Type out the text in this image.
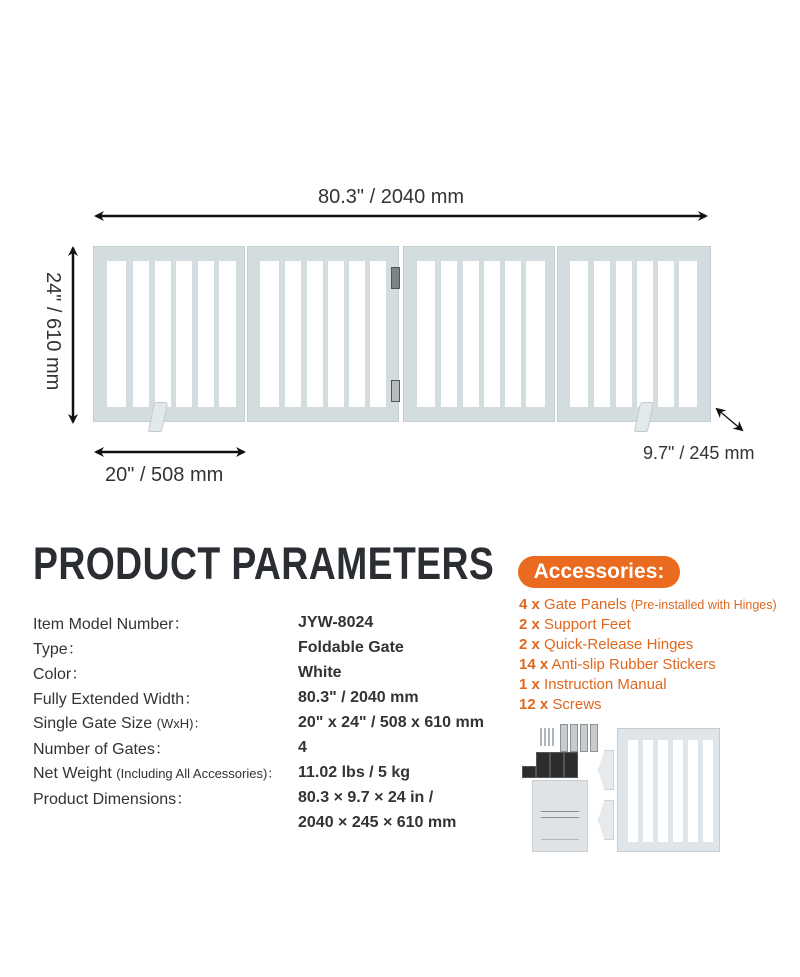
80.3" / 2040 mm
24" / 610 mm
20" / 508 mm
9.7" / 245 mm
PRODUCT PARAMETERS
Item Model Number：	JYW-8024
Type：	Foldable Gate
Color：	White
Fully Extended Width：	80.3" / 2040 mm
Single Gate Size (WxH)：	20" x 24" / 508 x 610 mm
Number of Gates：	4
Net Weight (Including All Accessories)：	11.02 lbs / 5 kg
Product Dimensions：	80.3 × 9.7 × 24 in /
2040 × 245 × 610 mm
Accessories:
4 x Gate Panels (Pre-installed with Hinges)
2 x Support Feet
2 x Quick-Release Hinges
14 x Anti-slip Rubber Stickers
1 x Instruction Manual
12 x Screws
